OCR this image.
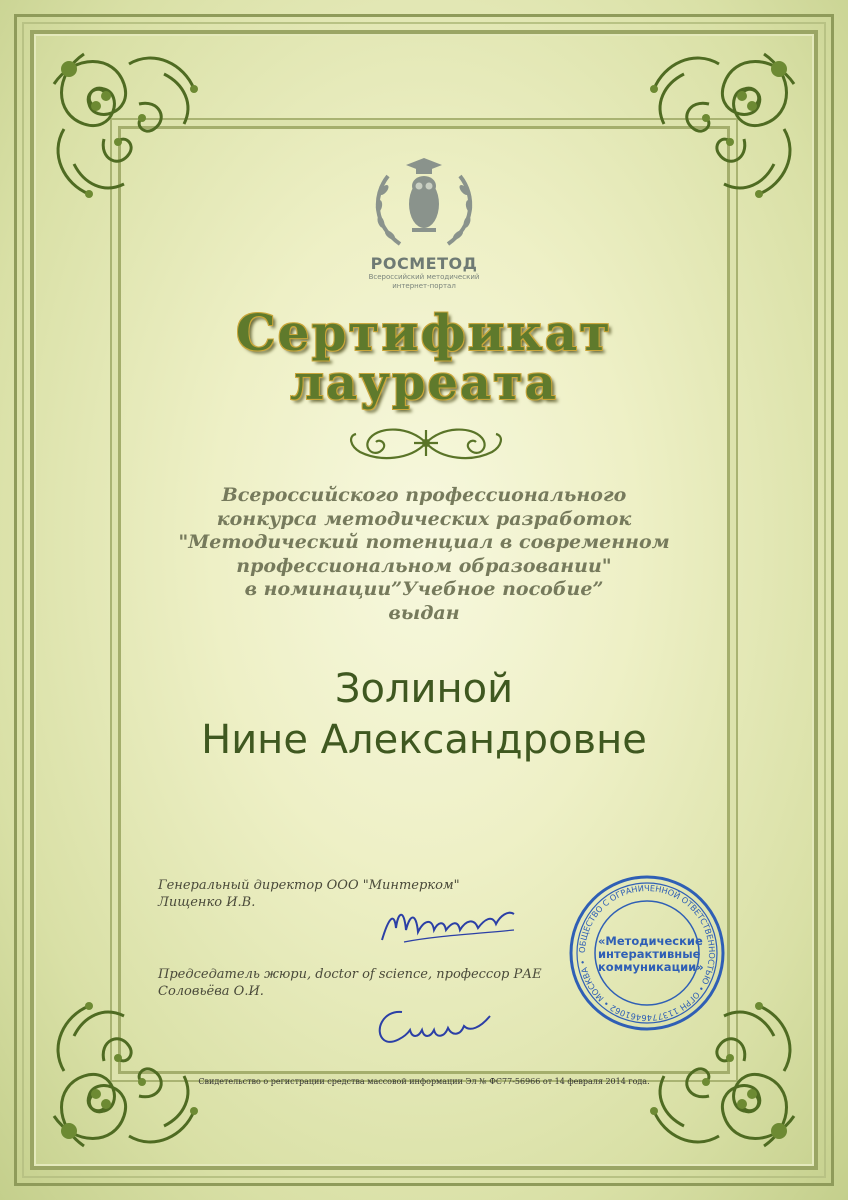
РОСМЕТОД
Всероссийский методический
интернет-портал
Сертификат
лауреата
Всероссийского профессионального
конкурса методических разработок
"Методический потенциал в современном
профессиональном образовании"
в номинации”Учебное пособие”
выдан
Золиной
Нине Александровне
Генеральный директор ООО "Минтерком"
Лищенко И.В.
Председатель жюри, doctor of science, профессор РАЕ
Соловьёва О.И.
ОБЩЕСТВО С ОГРАНИЧЕННОЙ ОТВЕТСТВЕННОСТЬЮ • ОГРН 1137746461062 • МОСКВА •
«Методические
интерактивные
коммуникации»
Свидетельство о регистрации средства массовой информации Эл № ФС77-56966 от 14 февраля 2014 года.
